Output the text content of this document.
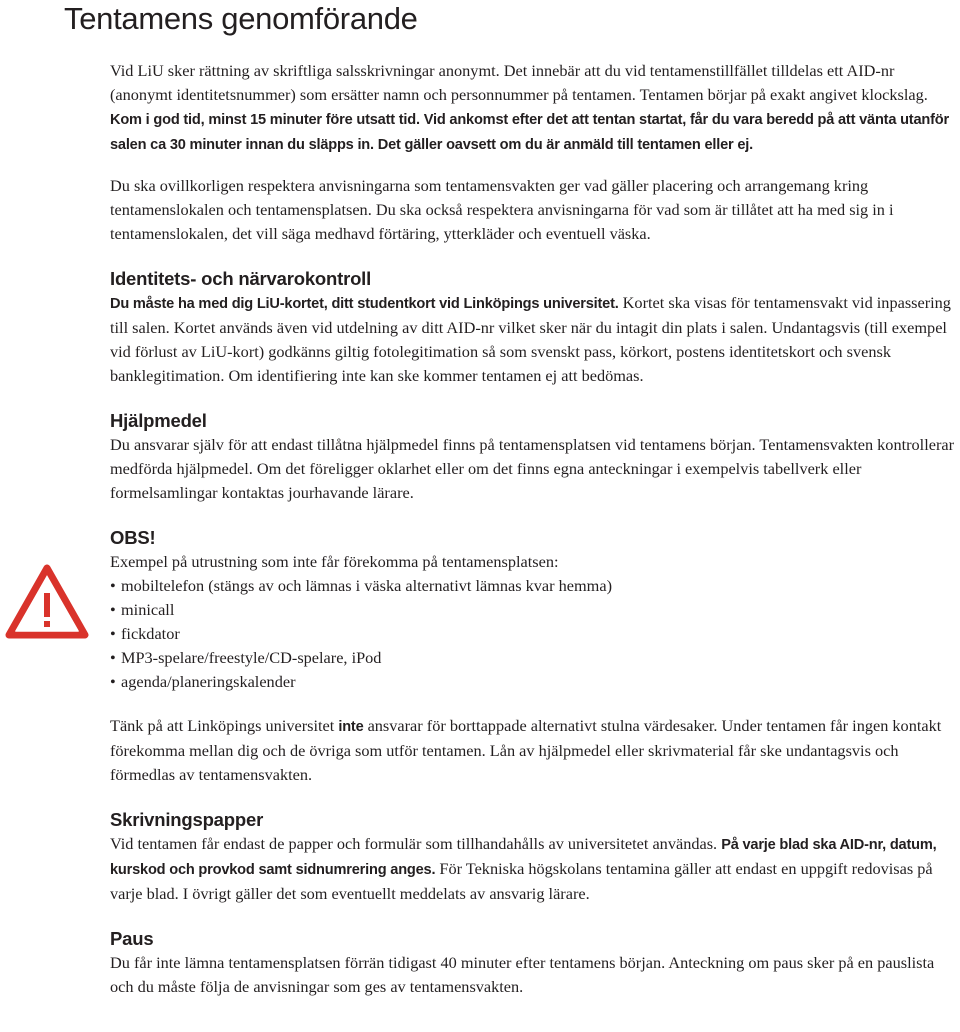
Tentamens genomförande

Vid LiU sker rättning av skriftliga salsskrivningar anonymt. Det innebär att du vid tentamenstillfället tilldelas ett AID-nr (anonymt identitetsnummer) som ersätter namn och personnummer på tentamen. Tentamen börjar på exakt angivet klockslag. Kom i god tid, minst 15 minuter före utsatt tid. Vid ankomst efter det att tentan startat, får du vara beredd på att vänta utanför salen ca 30 minuter innan du släpps in. Det gäller oavsett om du är anmäld till tentamen eller ej.

Du ska ovillkorligen respektera anvisningarna som tentamensvakten ger vad gäller placering och arrangemang kring tentamenslokalen och tentamensplatsen. Du ska också respektera anvisningarna för vad som är tillåtet att ha med sig in i tentamenslokalen, det vill säga medhavd förtäring, ytterkläder och eventuell väska.

Identitets- och närvarokontroll

Du måste ha med dig LiU-kortet, ditt studentkort vid Linköpings universitet. Kortet ska visas för tentamensvakt vid inpassering till salen. Kortet används även vid utdelning av ditt AID-nr vilket sker när du intagit din plats i salen. Undantagsvis (till exempel vid förlust av LiU-kort) godkänns giltig fotolegitimation så som svenskt pass, körkort, postens identitetskort och svensk banklegitimation. Om identifiering inte kan ske kommer tentamen ej att bedömas.

Hjälpmedel

Du ansvarar själv för att endast tillåtna hjälpmedel finns på tentamensplatsen vid tentamens början. Tentamensvakten kontrollerar medförda hjälpmedel. Om det föreligger oklarhet eller om det finns egna anteckningar i exempelvis tabellverk eller formelsamlingar kontaktas jourhavande lärare.

OBS!

Exempel på utrustning som inte får förekomma på tentamensplatsen:

• mobiltelefon (stängs av och lämnas i väska alternativt lämnas kvar hemma)
• minicall
• fickdator
• MP3-spelare/freestyle/CD-spelare, iPod
• agenda/planeringskalender

Tänk på att Linköpings universitet inte ansvarar för borttappade alternativt stulna värdesaker. Under tentamen får ingen kontakt förekomma mellan dig och de övriga som utför tentamen. Lån av hjälpmedel eller skrivmaterial får ske undantagsvis och förmedlas av tentamensvakten.

Skrivningspapper

Vid tentamen får endast de papper och formulär som tillhandahålls av universitetet användas. På varje blad ska AID-nr, datum, kurskod och provkod samt sidnumrering anges. För Tekniska högskolans tentamina gäller att endast en uppgift redovisas på varje blad. I övrigt gäller det som eventuellt meddelats av ansvarig lärare.

Paus

Du får inte lämna tentamensplatsen förrän tidigast 40 minuter efter tentamens början. Anteckning om paus sker på en pauslista och du måste följa de anvisningar som ges av tentamensvakten.
